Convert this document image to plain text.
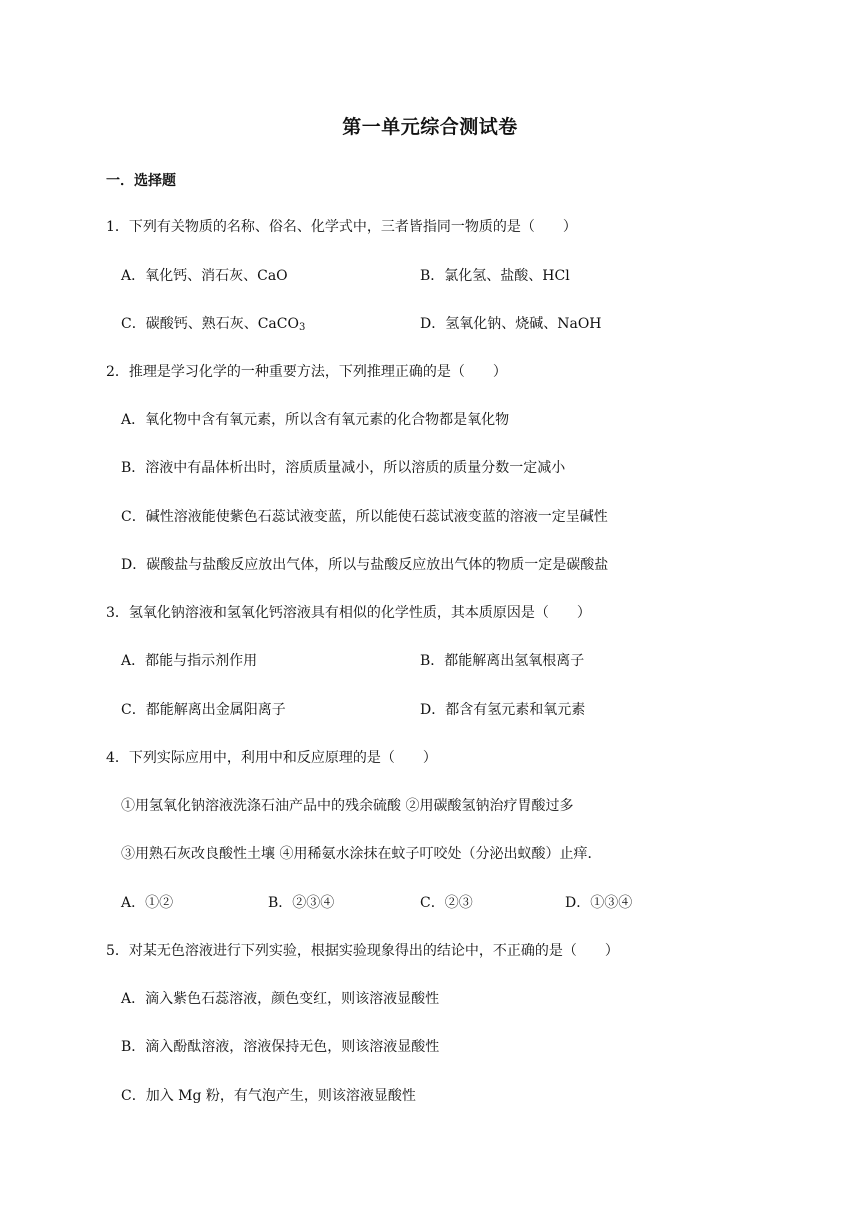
第一单元综合测试卷
一．选择题
1．下列有关物质的名称、俗名、化学式中，三者皆指同一物质的是（　　）
A．氧化钙、消石灰、CaO	B．氯化氢、盐酸、HCl
C．碳酸钙、熟石灰、CaCO$_3$	D．氢氧化钠、烧碱、NaOH
2．推理是学习化学的一种重要方法，下列推理正确的是（　　）
A．氧化物中含有氧元素，所以含有氧元素的化合物都是氧化物
B．溶液中有晶体析出时，溶质质量减小，所以溶质的质量分数一定减小
C．碱性溶液能使紫色石蕊试液变蓝，所以能使石蕊试液变蓝的溶液一定呈碱性
D．碳酸盐与盐酸反应放出气体，所以与盐酸反应放出气体的物质一定是碳酸盐
3．氢氧化钠溶液和氢氧化钙溶液具有相似的化学性质，其本质原因是（　　）
A．都能与指示剂作用	B．都能解离出氢氧根离子
C．都能解离出金属阳离子	D．都含有氢元素和氧元素
4．下列实际应用中，利用中和反应原理的是（　　）
①用氢氧化钠溶液洗涤石油产品中的残余硫酸 ②用碳酸氢钠治疗胃酸过多
③用熟石灰改良酸性土壤 ④用稀氨水涂抹在蚊子叮咬处（分泌出蚁酸）止痒．
A．①②	B．②③④	C．②③	D．①③④
5．对某无色溶液进行下列实验，根据实验现象得出的结论中，不正确的是（　　）
A．滴入紫色石蕊溶液，颜色变红，则该溶液显酸性
B．滴入酚酞溶液，溶液保持无色，则该溶液显酸性
C．加入 Mg 粉，有气泡产生，则该溶液显酸性
